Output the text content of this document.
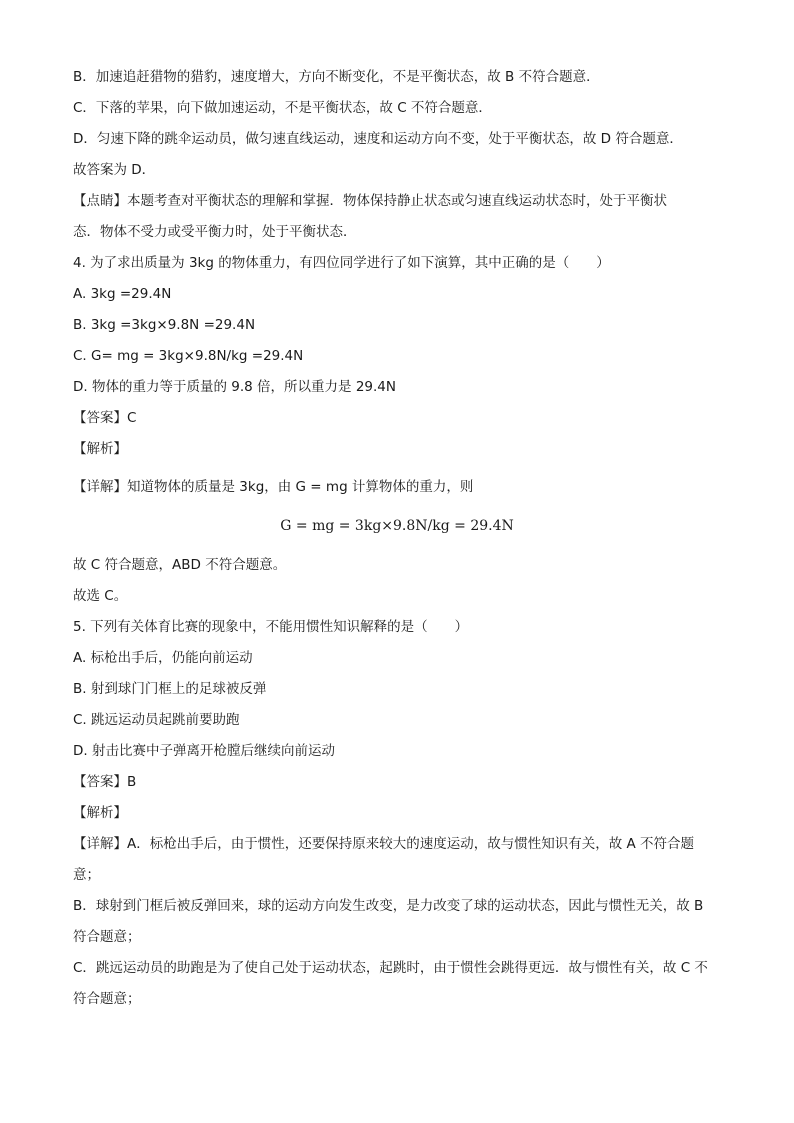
B．加速追赶猎物的猎豹，速度增大，方向不断变化，不是平衡状态，故 B 不符合题意．
C．下落的苹果，向下做加速运动，不是平衡状态，故 C 不符合题意．
D．匀速下降的跳伞运动员，做匀速直线运动，速度和运动方向不变，处于平衡状态，故 D 符合题意．
故答案为 D．
【点睛】本题考查对平衡状态的理解和掌握．物体保持静止状态或匀速直线运动状态时，处于平衡状
态．物体不受力或受平衡力时，处于平衡状态．
4. 为了求出质量为 3kg 的物体重力，有四位同学进行了如下演算，其中正确的是（　　）
A. 3kg =29.4N
B. 3kg =3kg×9.8N =29.4N
C. G= mg = 3kg×9.8N/kg =29.4N
D. 物体的重力等于质量的 9.8 倍，所以重力是 29.4N
【答案】C
【解析】
【详解】知道物体的质量是 3kg，由 G = mg 计算物体的重力，则
G = mg = 3kg×9.8N/kg = 29.4N
故 C 符合题意，ABD 不符合题意。
故选 C。
5. 下列有关体育比赛的现象中，不能用惯性知识解释的是（　　）
A. 标枪出手后，仍能向前运动
B. 射到球门门框上的足球被反弹
C. 跳远运动员起跳前要助跑
D. 射击比赛中子弹离开枪膛后继续向前运动
【答案】B
【解析】
【详解】A．标枪出手后，由于惯性，还要保持原来较大的速度运动，故与惯性知识有关，故 A 不符合题
意；
B．球射到门框后被反弹回来，球的运动方向发生改变，是力改变了球的运动状态，因此与惯性无关，故 B
符合题意；
C．跳远运动员的助跑是为了使自己处于运动状态，起跳时，由于惯性会跳得更远．故与惯性有关，故 C 不
符合题意；
